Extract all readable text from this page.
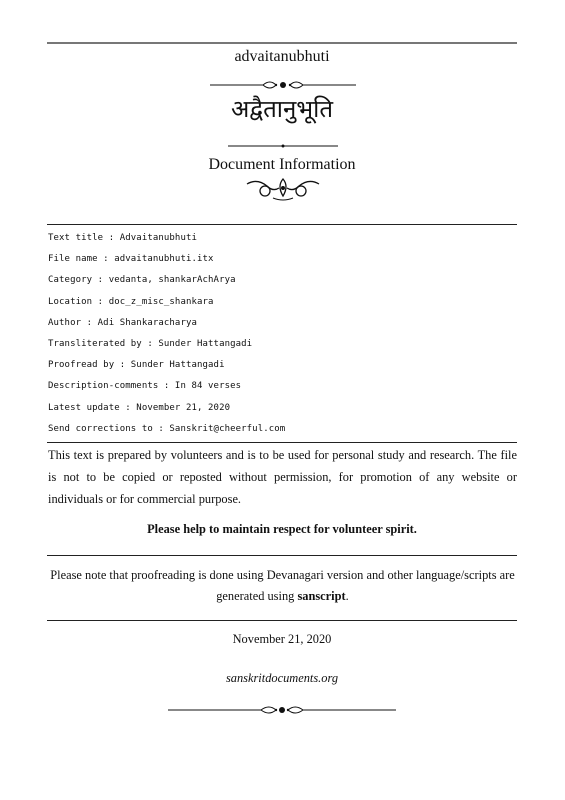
advaitanubhuti
अद्वैतानुभूति
Document Information
Text title : Advaitanubhuti
File name : advaitanubhuti.itx
Category : vedanta, shankarAchArya
Location : doc_z_misc_shankara
Author : Adi Shankaracharya
Transliterated by : Sunder Hattangadi
Proofread by : Sunder Hattangadi
Description-comments : In 84 verses
Latest update : November 21, 2020
Send corrections to : Sanskrit@cheerful.com
This text is prepared by volunteers and is to be used for personal study and research. The file is not to be copied or reposted without permission, for promotion of any website or individuals or for commercial purpose.
Please help to maintain respect for volunteer spirit.
Please note that proofreading is done using Devanagari version and other language/scripts are generated using sanscript.
November 21, 2020
sanskritdocuments.org
